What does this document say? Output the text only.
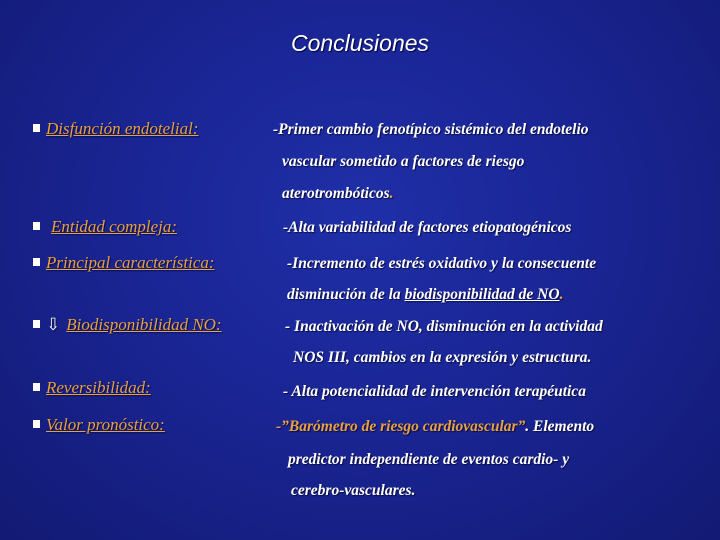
Conclusiones
Disfunción endotelial:	-Primer cambio fenotípico sistémico del endotelio
vascular sometido a factores de riesgo
aterotrombóticos.
Entidad compleja:	-Alta variabilidad de factores etiopatogénicos
Principal característica:	-Incremento de estrés oxidativo y la consecuente
disminución de la biodisponibilidad de NO.
⇩ Biodisponibilidad NO:	- Inactivación de NO, disminución en la actividad
NOS III, cambios en la expresión y estructura.
Reversibilidad:	- Alta potencialidad de intervención terapéutica
Valor pronóstico:	-”Barómetro de riesgo cardiovascular”. Elemento
predictor independiente de eventos cardio- y
cerebro-vasculares.
